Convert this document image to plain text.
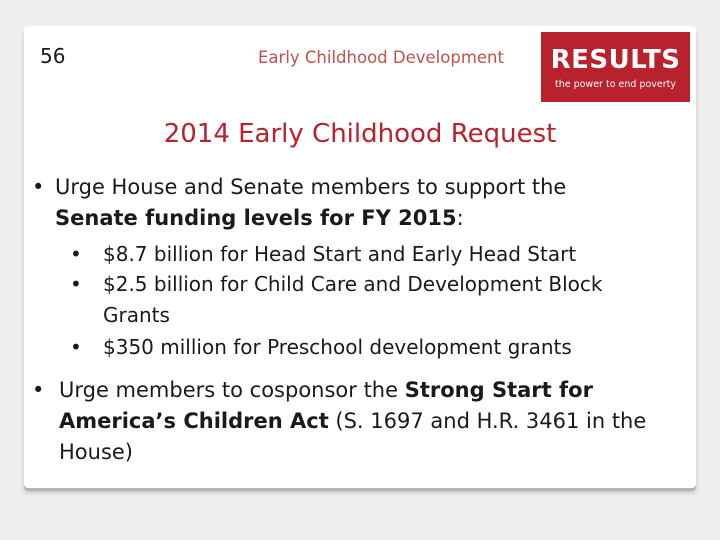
56	Early Childhood Development	RESULTS
the power to end poverty
2014 Early Childhood Request
• Urge House and Senate members to support the Senate funding levels for FY 2015:
• $8.7 billion for Head Start and Early Head Start
• $2.5 billion for Child Care and Development Block Grants
• $350 million for Preschool development grants
• Urge members to cosponsor the Strong Start for America’s Children Act (S. 1697 and H.R. 3461 in the House)
